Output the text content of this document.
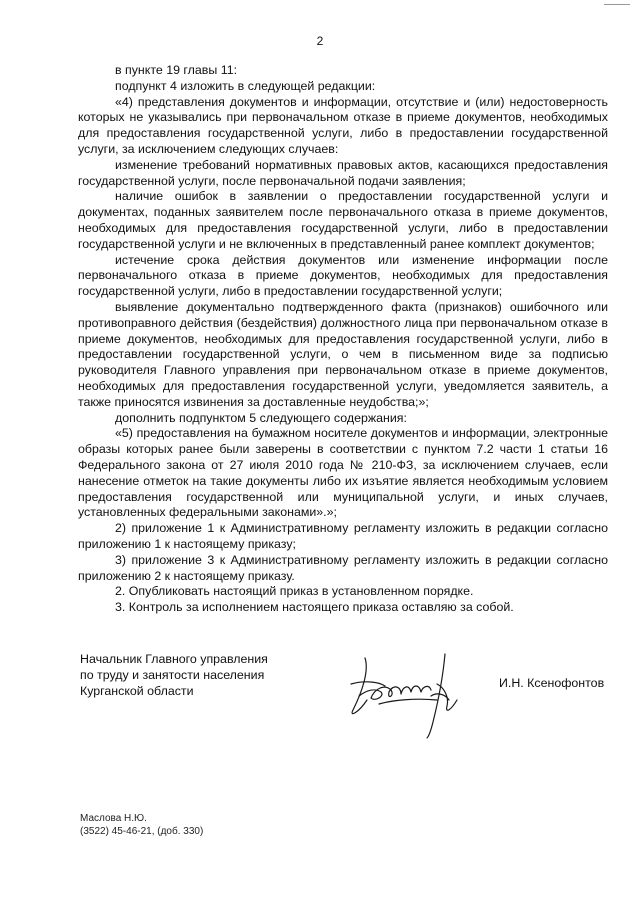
2

в пункте 19 главы 11:

подпункт 4 изложить в следующей редакции:

«4) представления документов и информации, отсутствие и (или) недостоверность которых не указывались при первоначальном отказе в приеме документов, необходимых для предоставления государственной услуги, либо в предоставлении государственной услуги, за исключением следующих случаев:

изменение требований нормативных правовых актов, касающихся предоставления государственной услуги, после первоначальной подачи заявления;

наличие ошибок в заявлении о предоставлении государственной услуги и документах, поданных заявителем после первоначального отказа в приеме документов, необходимых для предоставления государственной услуги, либо в предоставлении государственной услуги и не включенных в представленный ранее комплект документов;

истечение срока действия документов или изменение информации после первоначального отказа в приеме документов, необходимых для предоставления государственной услуги, либо в предоставлении государственной услуги;

выявление документально подтвержденного факта (признаков) ошибочного или противоправного действия (бездействия) должностного лица при первоначальном отказе в приеме документов, необходимых для предоставления государственной услуги, либо в предоставлении государственной услуги, о чем в письменном виде за подписью руководителя Главного управления при первоначальном отказе в приеме документов, необходимых для предоставления государственной услуги, уведомляется заявитель, а также приносятся извинения за доставленные неудобства;»;

дополнить подпунктом 5 следующего содержания:

«5) предоставления на бумажном носителе документов и информации, электронные образы которых ранее были заверены в соответствии с пунктом 7.2 части 1 статьи 16 Федерального закона от 27 июля 2010 года № 210-ФЗ, за исключением случаев, если нанесение отметок на такие документы либо их изъятие является необходимым условием предоставления государственной или муниципальной услуги, и иных случаев, установленных федеральными законами».»;

2) приложение 1 к Административному регламенту изложить в редакции согласно приложению 1 к настоящему приказу;

3) приложение 3 к Административному регламенту изложить в редакции согласно приложению 2 к настоящему приказу.

2. Опубликовать настоящий приказ в установленном порядке.

3. Контроль за исполнением настоящего приказа оставляю за собой.

Начальник Главного управления
по труду и занятости населения
Курганской области
И.Н. Ксенофонтов
Маслова Н.Ю.
(3522) 45-46-21, (доб. 330)
